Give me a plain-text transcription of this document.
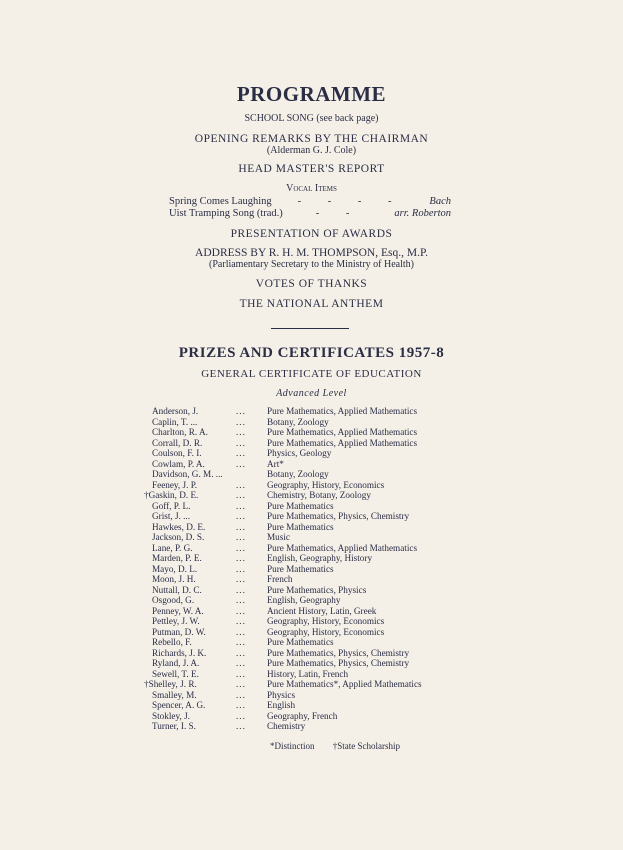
PROGRAMME
SCHOOL SONG (see back page)
OPENING REMARKS BY THE CHAIRMAN
(Alderman G. J. Cole)
HEAD MASTER'S REPORT
Vocal Items
Spring Comes Laughing	- - - -	Bach
Uist Tramping Song (trad.)	- -	arr. Roberton
PRESENTATION OF AWARDS
ADDRESS BY R. H. M. THOMPSON, Esq., M.P.
(Parliamentary Secretary to the Ministry of Health)
VOTES OF THANKS
THE NATIONAL ANTHEM
PRIZES AND CERTIFICATES 1957-8
GENERAL CERTIFICATE OF EDUCATION
Advanced Level
Anderson, J.	... Pure Mathematics, Applied Mathematics
Caplin, T. ...	... Botany, Zoology
Charlton, R. A.	... Pure Mathematics, Applied Mathematics
Corrall, D. R.	... Pure Mathematics, Applied Mathematics
Coulson, F. I.	... Physics, Geology
Cowlam, P. A.	... Art*
Davidson, G. M. ...	Botany, Zoology
Feeney, J. P.	... Geography, History, Economics
†Gaskin, D. E.	... Chemistry, Botany, Zoology
Goff, P. L.	... Pure Mathematics
Grist, J. ...	... Pure Mathematics, Physics, Chemistry
Hawkes, D. E.	... Pure Mathematics
Jackson, D. S.	... Music
Lane, P. G.	... Pure Mathematics, Applied Mathematics
Marden, P. E.	... English, Geography, History
Mayo, D. L.	... Pure Mathematics
Moon, J. H.	... French
Nuttall, D. C.	... Pure Mathematics, Physics
Osgood, G.	... English, Geography
Penney, W. A.	... Ancient History, Latin, Greek
Pettley, J. W.	... Geography, History, Economics
Putman, D. W.	... Geography, History, Economics
Rebello, F.	... Pure Mathematics
Richards, J. K.	... Pure Mathematics, Physics, Chemistry
Ryland, J. A.	... Pure Mathematics, Physics, Chemistry
Sewell, T. E.	... History, Latin, French
†Shelley, J. R.	... Pure Mathematics*, Applied Mathematics
Smalley, M.	... Physics
Spencer, A. G.	... English
Stokley, J.	... Geography, French
Turner, I. S.	... Chemistry
*Distinction †State Scholarship
